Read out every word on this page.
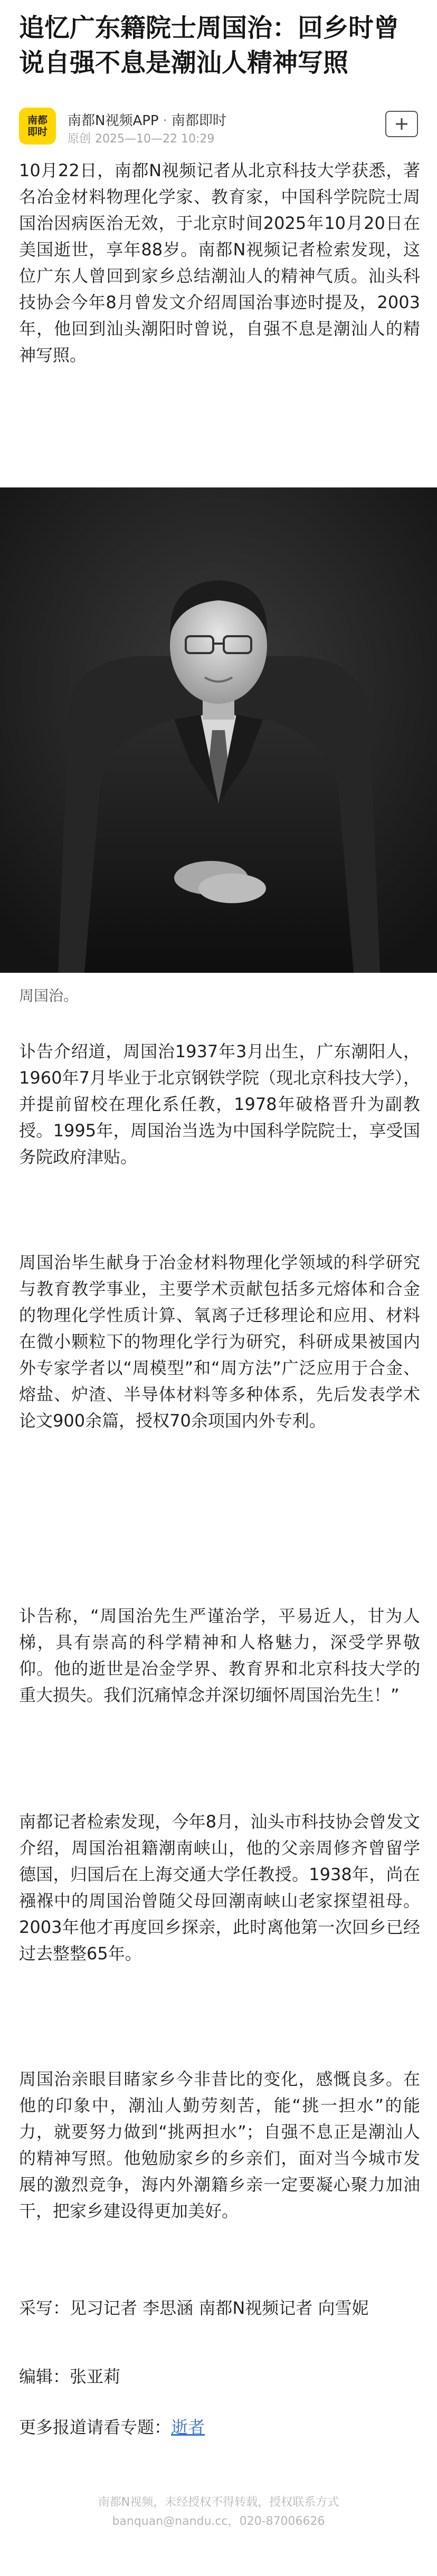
追忆广东籍院士周国治：回乡时曾说自强不息是潮汕人精神写照
南都
即时
南都N视频APP · 南都即时
原创 2025—10—22 10:29

10月22日，南都N视频记者从北京科技大学获悉，著名冶金材料物理化学家、教育家，中国科学院院士周国治因病医治无效，于北京时间2025年10月20日在美国逝世，享年88岁。南都N视频记者检索发现，这位广东人曾回到家乡总结潮汕人的精神气质。汕头科技协会今年8月曾发文介绍周国治事迹时提及，2003年，他回到汕头潮阳时曾说，自强不息是潮汕人的精神写照。

周国治。

讣告介绍道，周国治1937年3月出生，广东潮阳人，1960年7月毕业于北京钢铁学院（现北京科技大学），并提前留校在理化系任教，1978年破格晋升为副教授。1995年，周国治当选为中国科学院院士，享受国务院政府津贴。

周国治毕生献身于冶金材料物理化学领域的科学研究与教育教学事业，主要学术贡献包括多元熔体和合金的物理化学性质计算、氧离子迁移理论和应用、材料在微小颗粒下的物理化学行为研究，科研成果被国内外专家学者以“周模型”和“周方法”广泛应用于合金、熔盐、炉渣、半导体材料等多种体系，先后发表学术论文900余篇，授权70余项国内外专利。

讣告称，“周国治先生严谨治学，平易近人，甘为人梯，具有崇高的科学精神和人格魅力，深受学界敬仰。他的逝世是冶金学界、教育界和北京科技大学的重大损失。我们沉痛悼念并深切缅怀周国治先生！”

南都记者检索发现，今年8月，汕头市科技协会曾发文介绍，周国治祖籍潮南峡山，他的父亲周修齐曾留学德国，归国后在上海交通大学任教授。1938年，尚在襁褓中的周国治曾随父母回潮南峡山老家探望祖母。2003年他才再度回乡探亲，此时离他第一次回乡已经过去整整65年。

周国治亲眼目睹家乡今非昔比的变化，感慨良多。在他的印象中，潮汕人勤劳刻苦，能“挑一担水”的能力，就要努力做到“挑两担水”；自强不息正是潮汕人的精神写照。他勉励家乡的乡亲们，面对当今城市发展的激烈竞争，海内外潮籍乡亲一定要凝心聚力加油干，把家乡建设得更加美好。

采写：见习记者 李思涵 南都N视频记者 向雪妮

编辑：张亚莉

更多报道请看专题：逝者
南都N视频，未经授权不得转载，授权联系方式
banquan@nandu.cc，020-87006626
